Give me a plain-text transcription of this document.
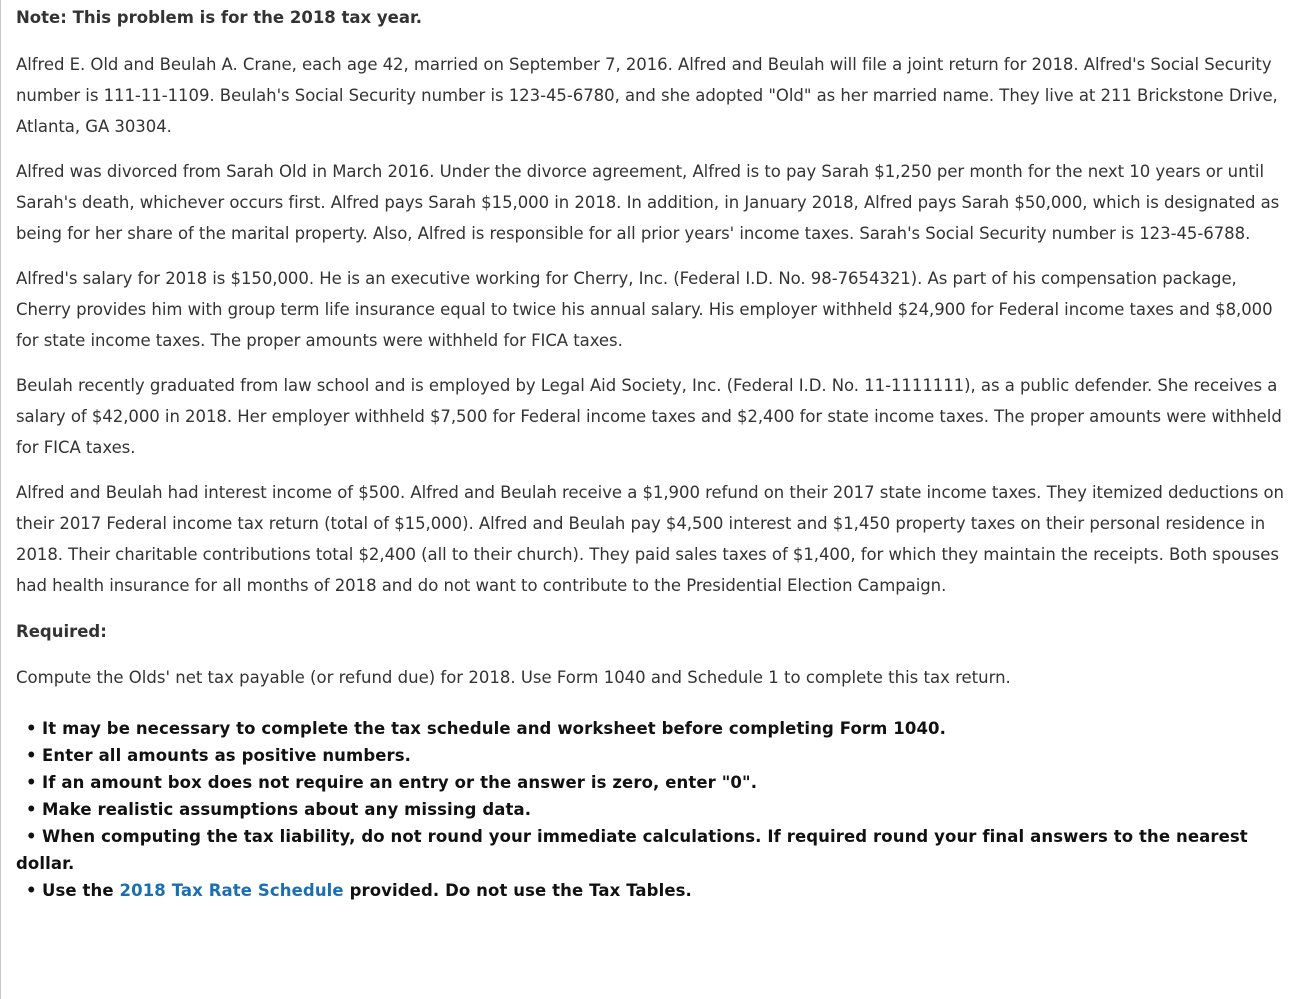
Note: This problem is for the 2018 tax year.

Alfred E. Old and Beulah A. Crane, each age 42, married on September 7, 2016. Alfred and Beulah will file a joint return for 2018. Alfred's Social Security number is 111-11-1109. Beulah's Social Security number is 123-45-6780, and she adopted "Old" as her married name. They live at 211 Brickstone Drive, Atlanta, GA 30304.

Alfred was divorced from Sarah Old in March 2016. Under the divorce agreement, Alfred is to pay Sarah $1,250 per month for the next 10 years or until Sarah's death, whichever occurs first. Alfred pays Sarah $15,000 in 2018. In addition, in January 2018, Alfred pays Sarah $50,000, which is designated as being for her share of the marital property. Also, Alfred is responsible for all prior years' income taxes. Sarah's Social Security number is 123-45-6788.

Alfred's salary for 2018 is $150,000. He is an executive working for Cherry, Inc. (Federal I.D. No. 98-7654321). As part of his compensation package, Cherry provides him with group term life insurance equal to twice his annual salary. His employer withheld $24,900 for Federal income taxes and $8,000 for state income taxes. The proper amounts were withheld for FICA taxes.

Beulah recently graduated from law school and is employed by Legal Aid Society, Inc. (Federal I.D. No. 11-1111111), as a public defender. She receives a salary of $42,000 in 2018. Her employer withheld $7,500 for Federal income taxes and $2,400 for state income taxes. The proper amounts were withheld for FICA taxes.

Alfred and Beulah had interest income of $500. Alfred and Beulah receive a $1,900 refund on their 2017 state income taxes. They itemized deductions on their 2017 Federal income tax return (total of $15,000). Alfred and Beulah pay $4,500 interest and $1,450 property taxes on their personal residence in 2018. Their charitable contributions total $2,400 (all to their church). They paid sales taxes of $1,400, for which they maintain the receipts. Both spouses had health insurance for all months of 2018 and do not want to contribute to the Presidential Election Campaign.

Required:

Compute the Olds' net tax payable (or refund due) for 2018. Use Form 1040 and Schedule 1 to complete this tax return.

• It may be necessary to complete the tax schedule and worksheet before completing Form 1040.
• Enter all amounts as positive numbers.
• If an amount box does not require an entry or the answer is zero, enter "0".
• Make realistic assumptions about any missing data.
• When computing the tax liability, do not round your immediate calculations. If required round your final answers to the nearest dollar.
• Use the 2018 Tax Rate Schedule provided. Do not use the Tax Tables.
